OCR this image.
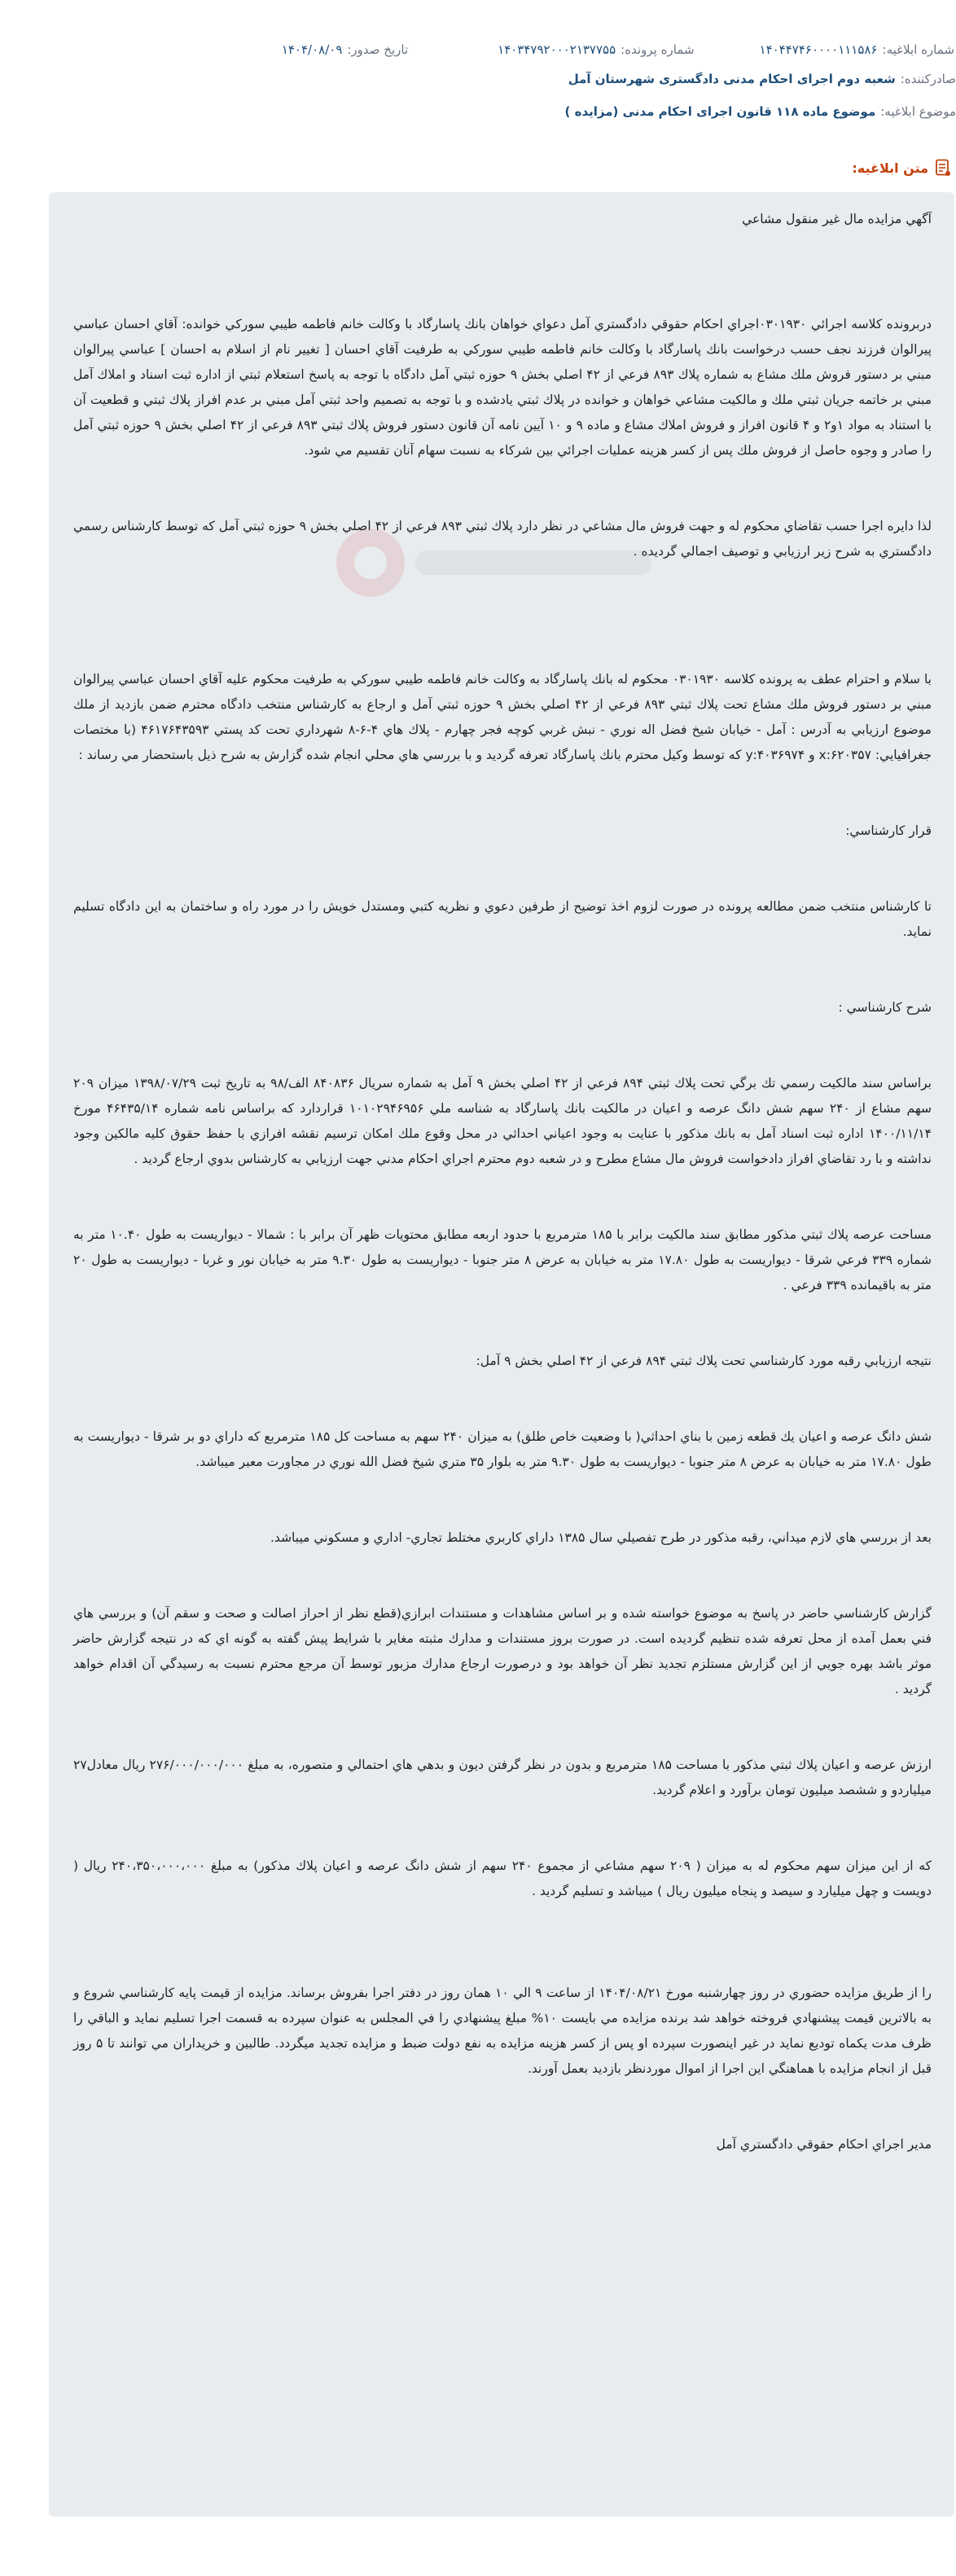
شماره ابلاغیه:
۱۴۰۴۴۷۴۶۰۰۰۰۱۱۱۵۸۶
شماره پرونده:
۱۴۰۳۴۷۹۲۰۰۰۲۱۳۷۷۵۵
تاریخ صدور:
۱۴۰۴/۰۸/۰۹
صادرکننده:
شعبه دوم اجرای احکام مدنی دادگستری شهرستان آمل
موضوع ابلاغیه:
موضوع ماده ۱۱۸ قانون اجرای احکام مدنی (مزایده )
متن ابلاغیه:

آگهي مزايده مال غير منقول مشاعي

دربرونده كلاسه اجرائي ۰۳۰۱۹۳۰اجراي احكام حقوقي دادگستري آمل دعواي خواهان بانك پاسارگاد با وكالت خانم فاطمه طيبي سوركي خوانده: آقاي احسان عباسي پيرالوان فرزند نجف حسب درخواست بانك پاسارگاد با وكالت خانم فاطمه طيبي سوركي به طرفيت آقاي احسان [ تغيير نام از اسلام به احسان ] عباسي پيرالوان مبني بر دستور فروش ملك مشاع به شماره پلاك ۸۹۳ فرعي از ۴۲ اصلي بخش ۹ حوزه ثبتي آمل دادگاه با توجه به پاسخ استعلام ثبتي از اداره ثبت اسناد و املاك آمل مبني بر خاتمه جريان ثبتي ملك و مالكيت مشاعي خواهان و خوانده در پلاك ثبتي يادشده و با توجه به تصميم واحد ثبتي آمل مبني بر عدم افراز پلاك ثبتي و قطعيت آن با استناد به مواد ۱و۲ و ۴ قانون افراز و فروش املاك مشاع و ماده ۹ و ۱۰ آيين نامه آن قانون دستور فروش پلاك ثبتي ۸۹۳ فرعي از ۴۲ اصلي بخش ۹ حوزه ثبتي آمل را صادر و وجوه حاصل از فروش ملك پس از كسر هزينه عمليات اجرائي بين شركاء به نسبت سهام آنان تقسيم مي شود.

لذا دايره اجرا حسب تقاضاي محكوم له و جهت فروش مال مشاعي در نظر دارد پلاك ثبتي ۸۹۳ فرعي از ۴۲ اصلي بخش ۹ حوزه ثبتي آمل كه توسط كارشناس رسمي دادگستري به شرح زير ارزيابي و توصيف اجمالي گرديده .

با سلام و احترام عطف به پرونده كلاسه ۰۳۰۱۹۳۰ محكوم له بانك پاسارگاد به وكالت خانم فاطمه طيبي سوركي به طرفيت محكوم عليه آقاي احسان عباسي پيرالوان مبني بر دستور فروش ملك مشاع تحت پلاك ثبتي ۸۹۳ فرعي از ۴۲ اصلي بخش ۹ حوزه ثبتي آمل و ارجاع به كارشناس منتخب دادگاه محترم ضمن بازديد از ملك موضوع ارزيابي به آدرس : آمل - خيابان شيخ فضل اله نوري - نبش غربي كوچه فجر چهارم - پلاك هاي ۴-۶-۸ شهرداري تحت كد پستي ۴۶۱۷۶۴۳۵۹۳ (با مختصات جغرافيايي: ۶۲۰۳۵۷:x و ۴۰۳۶۹۷۴:y كه توسط وكيل محترم بانك پاسارگاد تعرفه گرديد و با بررسي هاي محلي انجام شده گزارش به شرح ذيل باستحضار مي رساند :

قرار كارشناسي:

تا كارشناس منتخب ضمن مطالعه پرونده در صورت لزوم اخذ توضيح از طرفين دعوي و نظريه كتبي ومستدل خويش را در مورد راه و ساختمان به اين دادگاه تسليم نمايد.

شرح كارشناسي :

براساس سند مالكيت رسمي تك برگي تحت پلاك ثبتي ۸۹۴ فرعي از ۴۲ اصلي بخش ۹ آمل به شماره سريال ۸۴۰۸۳۶ الف/۹۸ به تاريخ ثبت ۱۳۹۸/۰۷/۲۹ ميزان ۲۰۹ سهم مشاع از ۲۴۰ سهم شش دانگ عرصه و اعيان در مالكيت بانك پاسارگاد به شناسه ملي ۱۰۱۰۲۹۴۶۹۵۶ قراردارد كه براساس نامه شماره ۴۶۴۳۵/۱۴ مورخ ۱۴۰۰/۱۱/۱۴ اداره ثبت اسناد آمل به بانك مذكور با عنايت به وجود اعياني احداثي در محل وقوع ملك امكان ترسيم نقشه افرازي با حفظ حقوق كليه مالكين وجود نداشته و با رد تقاضاي افراز دادخواست فروش مال مشاع مطرح و در شعبه دوم محترم اجراي احكام مدني جهت ارزيابي به كارشناس بدوي ارجاع گرديد .

مساحت عرصه پلاك ثبتي مذكور مطابق سند مالكيت برابر با ۱۸۵ مترمربع با حدود اربعه مطابق محتويات ظهر آن برابر با : شمالا - ديواريست به طول ۱۰.۴۰ متر به شماره ۳۳۹ فرعي شرقا - ديواريست به طول ۱۷.۸۰ متر به خيابان به عرض ۸ متر جنوبا - ديواريست به طول ۹.۳۰ متر به خيابان نور و غربا - ديواريست به طول ۲۰ متر به باقيمانده ۳۳۹ فرعي .

نتيجه ارزيابي رقبه مورد كارشناسي تحت پلاك ثبتي ۸۹۴ فرعي از ۴۲ اصلي بخش ۹ آمل:

شش دانگ عرصه و اعيان يك قطعه زمين با بناي احداثي( با وضعيت خاص طلق) به ميزان ۲۴۰ سهم به مساحت كل ۱۸۵ مترمربع كه داراي دو بر شرقا - ديواريست به طول ۱۷.۸۰ متر به خيابان به عرض ۸ متر جنوبا - ديواريست به طول ۹.۳۰ متر به بلوار ۳۵ متري شيخ فضل الله نوري در مجاورت معبر ميباشد.

بعد از بررسي هاي لازم ميداني، رقبه مذكور در طرح تفصيلي سال ۱۳۸۵ داراي كاربري مختلط تجاري- اداري و مسكوني ميباشد.

گزارش كارشناسي حاضر در پاسخ به موضوع خواسته شده و بر اساس مشاهدات و مستندات ابرازي(قطع نظر از احراز اصالت و صحت و سقم آن) و بررسي هاي فني بعمل آمده از محل تعرفه شده تنظيم گرديده است. در صورت بروز مستندات و مدارك مثبته مغاير با شرايط پيش گفته به گونه اي كه در نتيجه گزارش حاضر موثر باشد بهره جويي از اين گزارش مستلزم تجديد نظر آن خواهد بود و درصورت ارجاع مدارك مزبور توسط آن مرجع محترم نسبت به رسيدگي آن اقدام خواهد گرديد .

ارزش عرصه و اعيان پلاك ثبتي مذكور با مساحت ۱۸۵ مترمربع و بدون در نظر گرفتن ديون و بدهي هاي احتمالي و متصوره، به مبلغ ۲۷۶/۰۰۰/۰۰۰/۰۰۰ ريال معادل۲۷ ميلياردو و ششصد ميليون تومان برآورد و اعلام گرديد.

كه از اين ميزان سهم محكوم له به ميزان ( ۲۰۹ سهم مشاعي از مجموع ۲۴۰ سهم از شش دانگ عرصه و اعيان پلاك مذكور) به مبلغ ۲۴۰،۳۵۰،۰۰۰،۰۰۰ ريال ( دويست و چهل ميليارد و سيصد و پنجاه ميليون ريال ) ميباشد و تسليم گرديد .

را از طريق مزايده حضوري در روز چهارشنبه مورخ ۱۴۰۴/۰۸/۲۱ از ساعت ۹ الي ۱۰ همان روز در دفتر اجرا بفروش برساند. مزايده از قيمت پايه كارشناسي شروع و به بالاترين قيمت پيشنهادي فروخته خواهد شد برنده مزايده مي بايست ۱۰% مبلغ پيشنهادي را في المجلس به عنوان سپرده به قسمت اجرا تسليم نمايد و الباقي را ظرف مدت يكماه توديع نمايد در غير اينصورت سپرده او پس از كسر هزينه مزايده به نفع دولت ضبط و مزايده تجديد ميگردد. طالبين و خريداران مي توانند تا ۵ روز قبل از انجام مزايده با هماهنگي اين اجرا از اموال موردنظر بازديد بعمل آورند.

مدير اجراي احكام حقوقي دادگستري آمل
